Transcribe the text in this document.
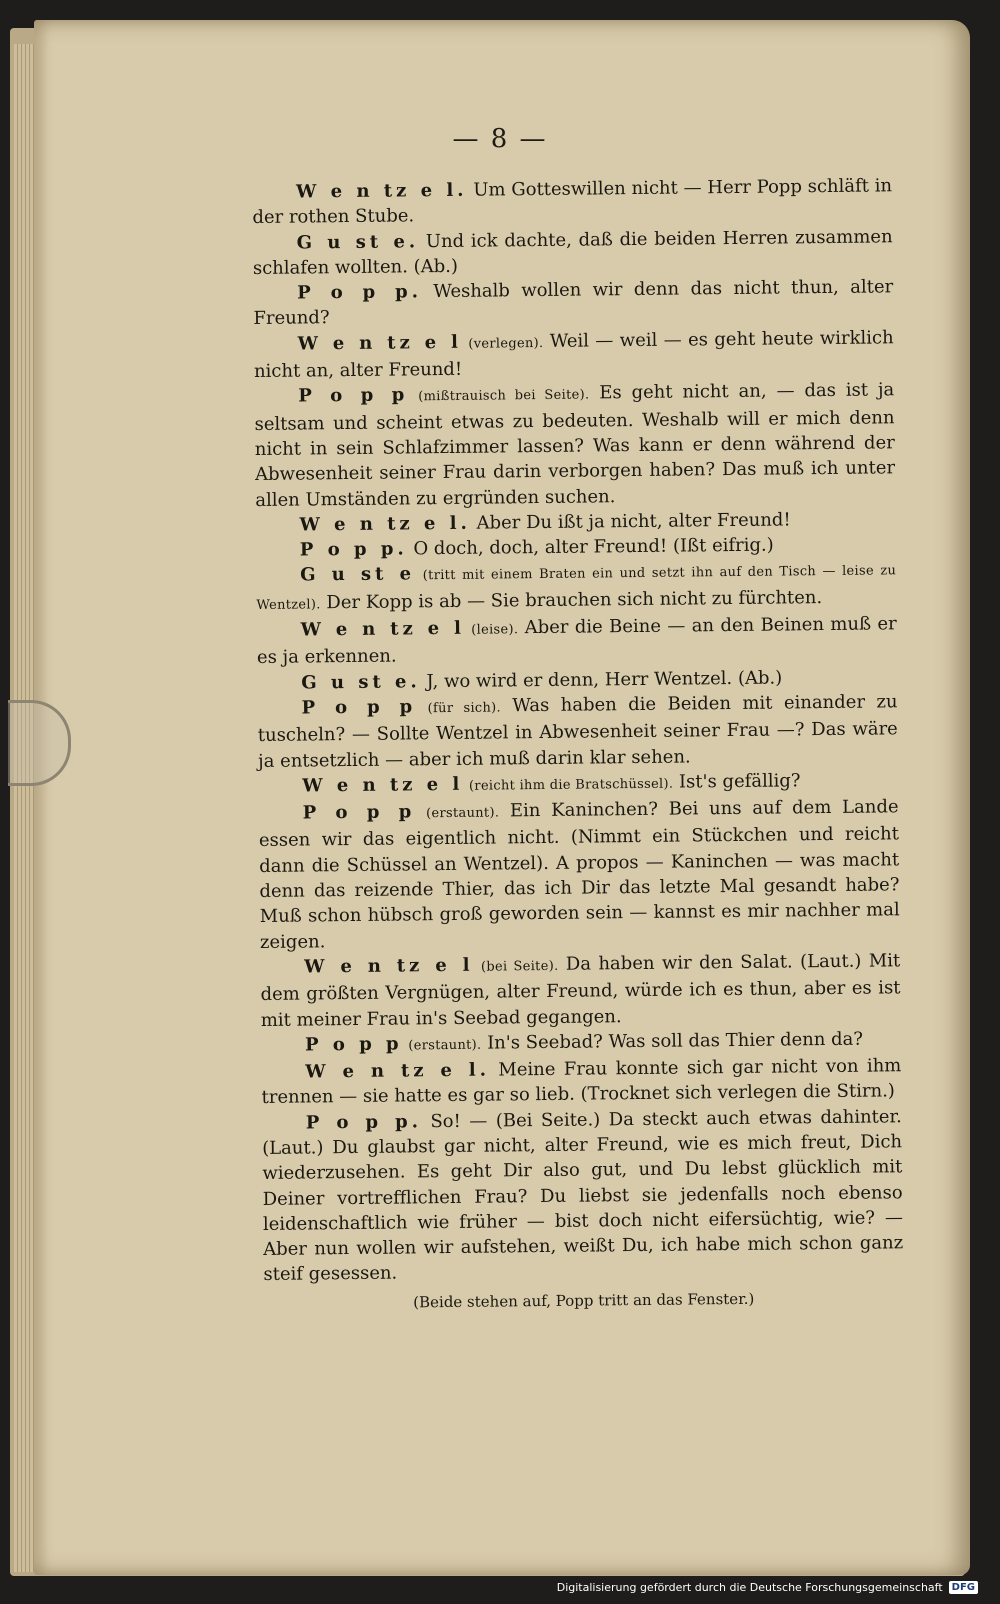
— 8 —

W e n tz e l. Um Gotteswillen nicht — Herr Popp schläft in der rothen Stube.

G u st e. Und ick dachte, daß die beiden Herren zusammen schlafen wollten. (Ab.)

P o p p. Weshalb wollen wir denn das nicht thun, alter Freund?

W e n tz e l (verlegen). Weil — weil — es geht heute wirklich nicht an, alter Freund!

P o p p (mißtrauisch bei Seite). Es geht nicht an, — das ist ja seltsam und scheint etwas zu bedeuten. Weshalb will er mich denn nicht in sein Schlafzimmer lassen? Was kann er denn während der Abwesenheit seiner Frau darin verborgen haben? Das muß ich unter allen Umständen zu ergründen suchen.

W e n tz e l. Aber Du ißt ja nicht, alter Freund!

P o p p. O doch, doch, alter Freund! (Ißt eifrig.)

G u st e (tritt mit einem Braten ein und setzt ihn auf den Tisch — leise zu Wentzel). Der Kopp is ab — Sie brauchen sich nicht zu fürchten.

W e n tz e l (leise). Aber die Beine — an den Beinen muß er es ja erkennen.

G u st e. J, wo wird er denn, Herr Wentzel. (Ab.)

P o p p (für sich). Was haben die Beiden mit einander zu tuscheln? — Sollte Wentzel in Abwesenheit seiner Frau —? Das wäre ja entsetzlich — aber ich muß darin klar sehen.

W e n tz e l (reicht ihm die Bratschüssel). Ist's gefällig?

P o p p (erstaunt). Ein Kaninchen? Bei uns auf dem Lande essen wir das eigentlich nicht. (Nimmt ein Stückchen und reicht dann die Schüssel an Wentzel). A propos — Kaninchen — was macht denn das reizende Thier, das ich Dir das letzte Mal gesandt habe? Muß schon hübsch groß geworden sein — kannst es mir nachher mal zeigen.

W e n tz e l (bei Seite). Da haben wir den Salat. (Laut.) Mit dem größten Vergnügen, alter Freund, würde ich es thun, aber es ist mit meiner Frau in's Seebad gegangen.

P o p p (erstaunt). In's Seebad? Was soll das Thier denn da?

W e n tz e l. Meine Frau konnte sich gar nicht von ihm trennen — sie hatte es gar so lieb. (Trocknet sich verlegen die Stirn.)

P o p p. So! — (Bei Seite.) Da steckt auch etwas dahinter. (Laut.) Du glaubst gar nicht, alter Freund, wie es mich freut, Dich wiederzusehen. Es geht Dir also gut, und Du lebst glücklich mit Deiner vortrefflichen Frau? Du liebst sie jedenfalls noch ebenso leidenschaftlich wie früher — bist doch nicht eifersüchtig, wie? — Aber nun wollen wir aufstehen, weißt Du, ich habe mich schon ganz steif gesessen.

(Beide stehen auf, Popp tritt an das Fenster.)

Digitalisierung gefördert durch die Deutsche Forschungsgemeinschaft DFG
